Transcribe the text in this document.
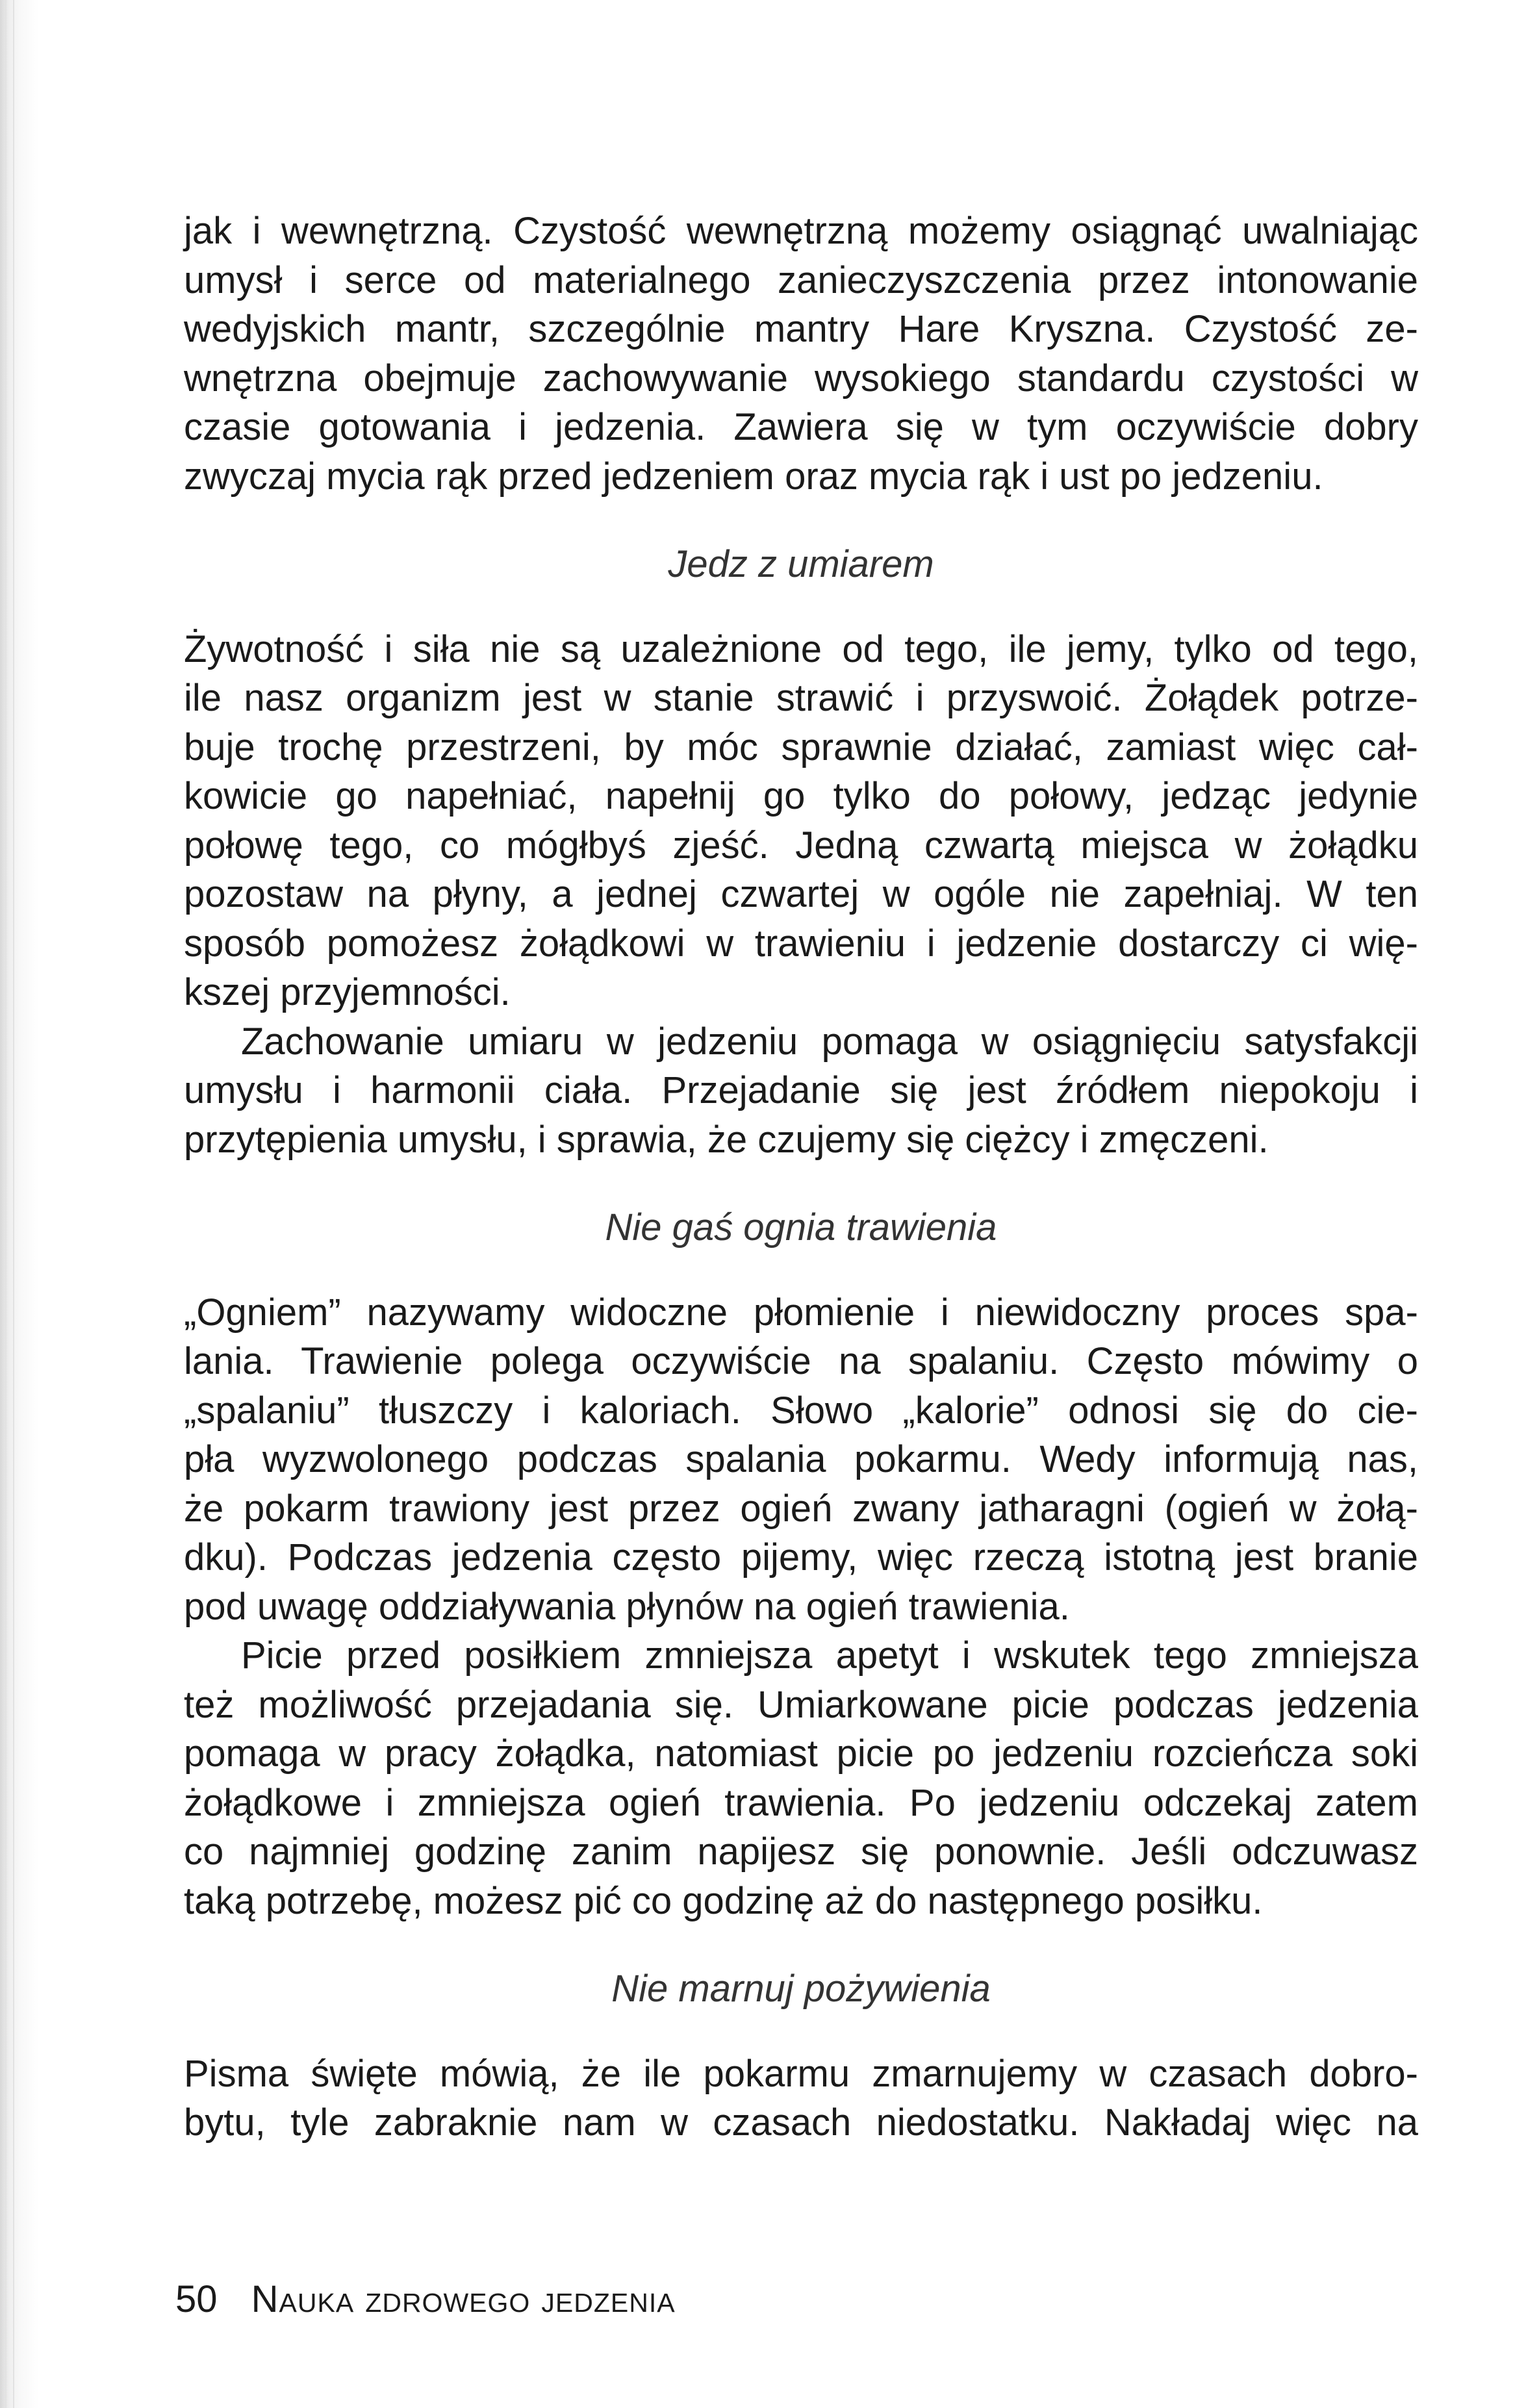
jak i wewnętrzną. Czystość wewnętrzną możemy osiągnąć uwalniając
umysł i serce od materialnego zanieczyszczenia przez intonowanie
wedyjskich mantr, szczególnie mantry Hare Kryszna. Czystość ze-
wnętrzna obejmuje zachowywanie wysokiego standardu czystości w
czasie gotowania i jedzenia. Zawiera się w tym oczywiście dobry
zwyczaj mycia rąk przed jedzeniem oraz mycia rąk i ust po jedzeniu.

Jedz z umiarem

Żywotność i siła nie są uzależnione od tego, ile jemy, tylko od tego,
ile nasz organizm jest w stanie strawić i przyswoić. Żołądek potrze-
buje trochę przestrzeni, by móc sprawnie działać, zamiast więc cał-
kowicie go napełniać, napełnij go tylko do połowy, jedząc jedynie
połowę tego, co mógłbyś zjeść. Jedną czwartą miejsca w żołądku
pozostaw na płyny, a jednej czwartej w ogóle nie zapełniaj. W ten
sposób pomożesz żołądkowi w trawieniu i jedzenie dostarczy ci wię-
kszej przyjemności.

Zachowanie umiaru w jedzeniu pomaga w osiągnięciu satysfakcji
umysłu i harmonii ciała. Przejadanie się jest źródłem niepokoju i
przytępienia umysłu, i sprawia, że czujemy się ciężcy i zmęczeni.

Nie gaś ognia trawienia

„Ogniem” nazywamy widoczne płomienie i niewidoczny proces spa-
lania. Trawienie polega oczywiście na spalaniu. Często mówimy o
„spalaniu” tłuszczy i kaloriach. Słowo „kalorie” odnosi się do cie-
pła wyzwolonego podczas spalania pokarmu. Wedy informują nas,
że pokarm trawiony jest przez ogień zwany jatharagni (ogień w żołą-
dku). Podczas jedzenia często pijemy, więc rzeczą istotną jest branie
pod uwagę oddziaływania płynów na ogień trawienia.

Picie przed posiłkiem zmniejsza apetyt i wskutek tego zmniejsza
też możliwość przejadania się. Umiarkowane picie podczas jedzenia
pomaga w pracy żołądka, natomiast picie po jedzeniu rozcieńcza soki
żołądkowe i zmniejsza ogień trawienia. Po jedzeniu odczekaj zatem
co najmniej godzinę zanim napijesz się ponownie. Jeśli odczuwasz
taką potrzebę, możesz pić co godzinę aż do następnego posiłku.

Nie marnuj pożywienia

Pisma święte mówią, że ile pokarmu zmarnujemy w czasach dobro-
bytu, tyle zabraknie nam w czasach niedostatku. Nakładaj więc na

50 Nauka zdrowego jedzenia
